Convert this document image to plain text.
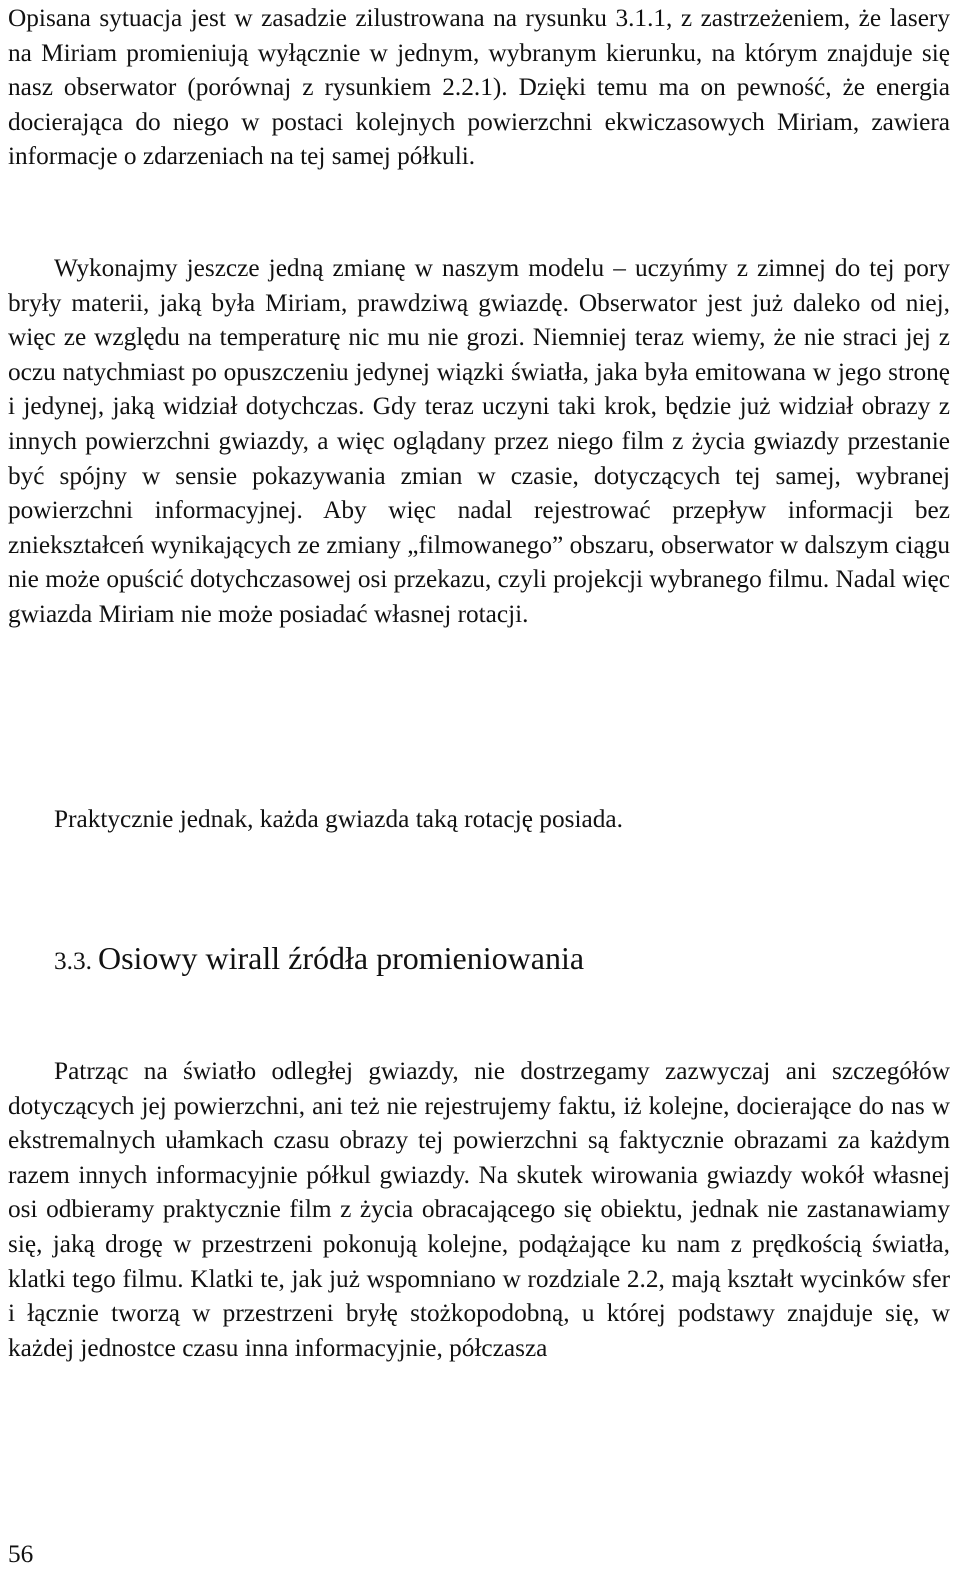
Opisana sytuacja jest w zasadzie zilustrowana na rysunku 3.1.1, z zastrzeżeniem, że lasery na Miriam promieniują wyłącznie w jednym, wybranym kierunku, na którym znajduje się nasz obserwator (porównaj z rysunkiem 2.2.1). Dzięki temu ma on pewność, że energia docierająca do niego w postaci kolejnych powierzchni ekwiczasowych Miriam, zawiera informacje o zdarzeniach na tej samej półkuli.

Wykonajmy jeszcze jedną zmianę w naszym modelu – uczyńmy z zimnej do tej pory bryły materii, jaką była Miriam, prawdziwą gwiazdę. Obserwator jest już daleko od niej, więc ze względu na temperaturę nic mu nie grozi. Niemniej teraz wiemy, że nie straci jej z oczu natychmiast po opuszczeniu jedynej wiązki światła, jaka była emitowana w jego stronę i jedynej, jaką widział dotychczas. Gdy teraz uczyni taki krok, będzie już widział obrazy z innych powierzchni gwiazdy, a więc oglądany przez niego film z życia gwiazdy przestanie być spójny w sensie pokazywania zmian w czasie, dotyczących tej samej, wybranej powierzchni informacyjnej. Aby więc nadal rejestrować przepływ informacji bez zniekształceń wynikających ze zmiany „filmowanego” obszaru, obserwator w dalszym ciągu nie może opuścić dotychczasowej osi przekazu, czyli projekcji wybranego filmu. Nadal więc gwiazda Miriam nie może posiadać własnej rotacji.

Praktycznie jednak, każda gwiazda taką rotację posiada.

3.3. Osiowy wirall źródła promieniowania

Patrząc na światło odległej gwiazdy, nie dostrzegamy zazwyczaj ani szczegółów dotyczących jej powierzchni, ani też nie rejestrujemy faktu, iż kolejne, docierające do nas w ekstremalnych ułamkach czasu obrazy tej powierzchni są faktycznie obrazami za każdym razem innych informacyjnie półkul gwiazdy. Na skutek wirowania gwiazdy wokół własnej osi odbieramy praktycznie film z życia obracającego się obiektu, jednak nie zastanawiamy się, jaką drogę w przestrzeni pokonują kolejne, podążające ku nam z prędkością światła, klatki tego filmu. Klatki te, jak już wspomniano w rozdziale 2.2, mają kształt wycinków sfer i łącznie tworzą w przestrzeni bryłę stożkopodobną, u której podstawy znajduje się, w każdej jednostce czasu inna informacyjnie, półczasza

56
